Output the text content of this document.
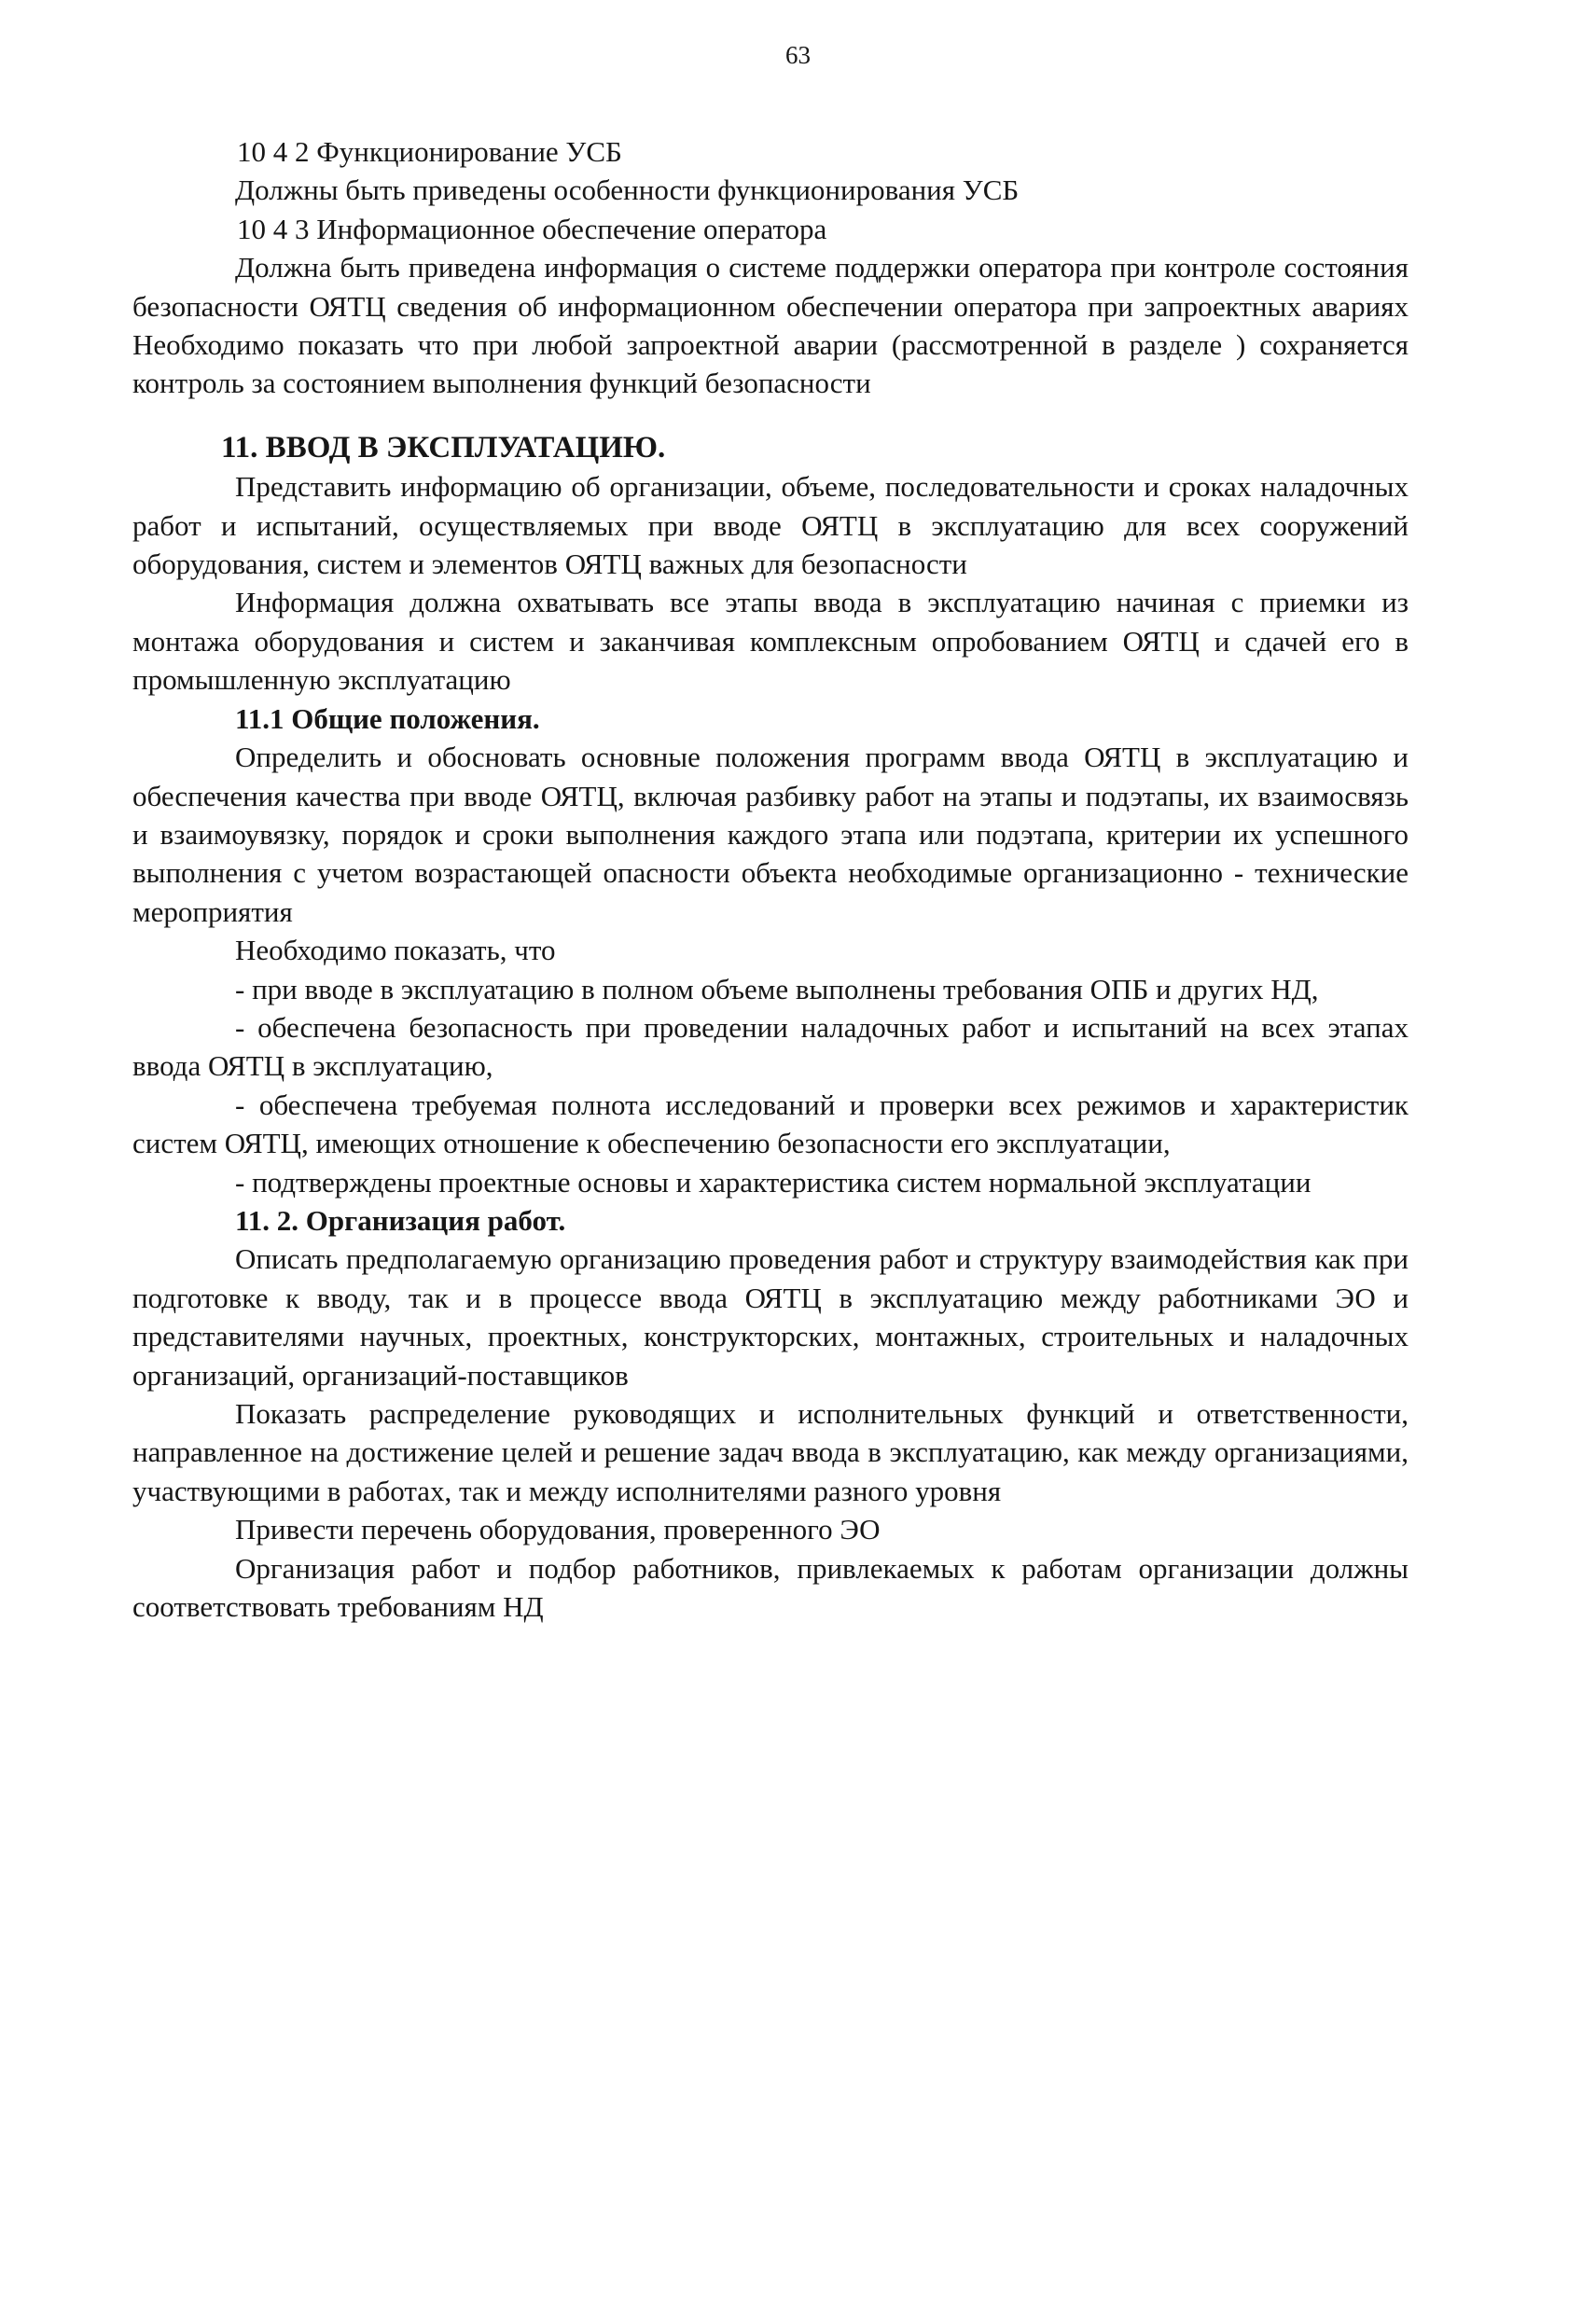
63

10 4 2 Функционирование УСБ

Должны быть приведены особенности функционирования УСБ

10 4 3 Информационное обеспечение оператора

Должна быть приведена информация о системе поддержки оператора при контроле состояния безопасности ОЯТЦ сведения об информационном обеспечении оператора при запроектных авариях Необходимо показать что при любой запроектной аварии (рассмотренной в разделе ) сохраняется контроль за состоянием выполнения функций безопасности

11. ВВОД В ЭКСПЛУАТАЦИЮ.

Представить информацию об организации, объеме, последовательности и сроках наладочных работ и испытаний, осуществляемых при вводе ОЯТЦ в эксплуатацию для всех сооружений оборудования, систем и элементов ОЯТЦ важных для безопасности

Информация должна охватывать все этапы ввода в эксплуатацию начиная с приемки из монтажа оборудования и систем и заканчивая комплексным опробованием ОЯТЦ и сдачей его в промышленную эксплуатацию

11.1 Общие положения.

Определить и обосновать основные положения программ ввода ОЯТЦ в эксплуатацию и обеспечения качества при вводе ОЯТЦ, включая разбивку работ на этапы и подэтапы, их взаимосвязь и взаимоувязку, порядок и сроки выполнения каждого этапа или подэтапа, критерии их успешного выполнения с учетом возрастающей опасности объекта необходимые организационно - технические мероприятия

Необходимо показать, что

- при вводе в эксплуатацию в полном объеме выполнены требования ОПБ и других НД,

- обеспечена безопасность при проведении наладочных работ и испытаний на всех этапах ввода ОЯТЦ в эксплуатацию,

- обеспечена требуемая полнота исследований и проверки всех режимов и характеристик систем ОЯТЦ, имеющих отношение к обеспечению безопасности его эксплуатации,

- подтверждены проектные основы и характеристика систем нормальной эксплуатации

11. 2. Организация работ.

Описать предполагаемую организацию проведения работ и структуру взаимодействия как при подготовке к вводу, так и в процессе ввода ОЯТЦ в эксплуатацию между работниками ЭО и представителями научных, проектных, конструкторских, монтажных, строительных и наладочных организаций, организаций-поставщиков

Показать распределение руководящих и исполнительных функций и ответственности, направленное на достижение целей и решение задач ввода в эксплуатацию, как между организациями, участвующими в работах, так и между исполнителями разного уровня

Привести перечень оборудования, проверенного ЭО

Организация работ и подбор работников, привлекаемых к работам организации должны соответствовать требованиям НД
